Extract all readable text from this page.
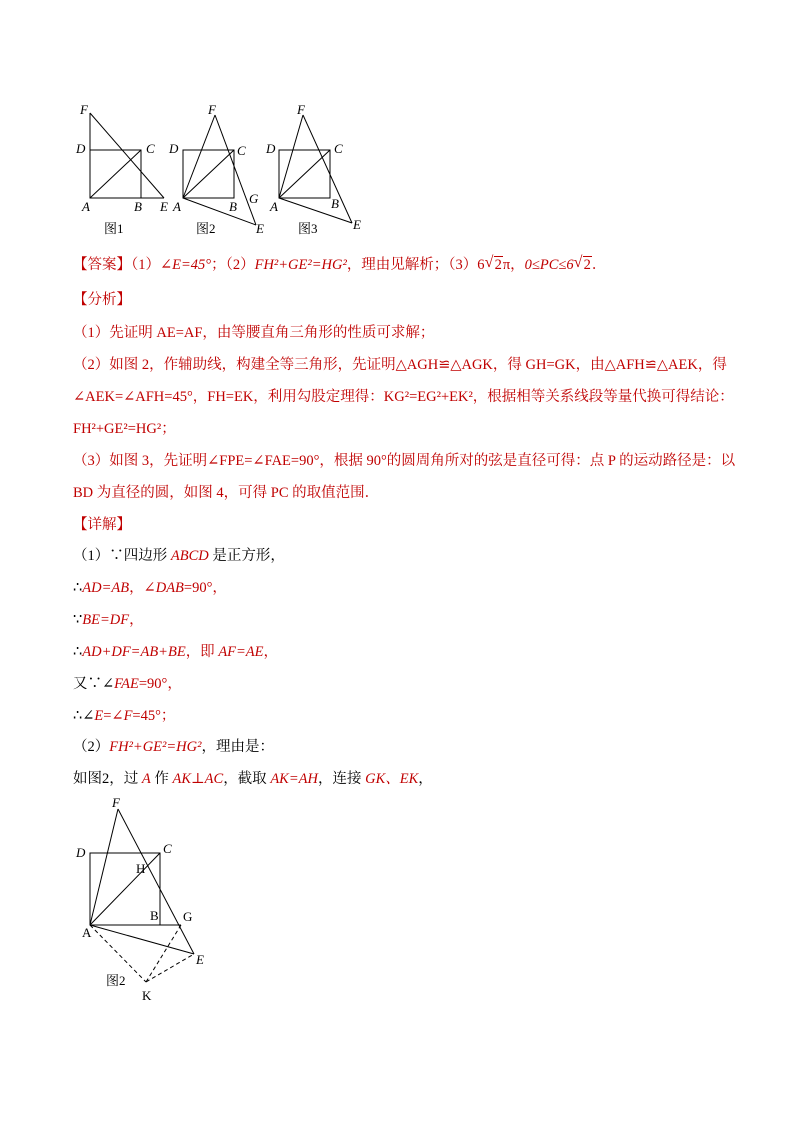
F
D	C
A	B E
F
D	C
G
A	B
E
F
D	C
A	B
E
图1	图2	图3
【答案】（1）∠E=45°；（2）FH²+GE²=HG²，理由见解析；（3）6 √ 2π，0≤PC≤6 √ 2．
【分析】
（1）先证明 AE=AF，由等腰直角三角形的性质可求解；
（2）如图 2，作辅助线，构建全等三角形，先证明△AGH≌△AGK，得 GH=GK，由△AFH≌△AEK，得
∠AEK=∠AFH=45°，FH=EK，利用勾股定理得：KG²=EG²+EK²，根据相等关系线段等量代换可得结论：
FH²+GE²=HG²；
（3）如图 3，先证明∠FPE=∠FAE=90°，根据 90°的圆周角所对的弦是直径可得：点 P 的运动路径是：以
BD 为直径的圆，如图 4，可得 PC 的取值范围．
【详解】
（1）∵四边形 ABCD 是正方形，
∴AD=AB，∠DAB=90°，
∵BE=DF，
∴AD+DF=AB+BE，即 AF=AE，
又∵∠FAE=90°，
∴∠E=∠F=45°；
（2）FH²+GE²=HG²，理由是：
如图2，过 A 作 AK⊥AC，截取 AK=AH，连接 GK、EK，
F
D	C
H
B G
A
E
K
图2
